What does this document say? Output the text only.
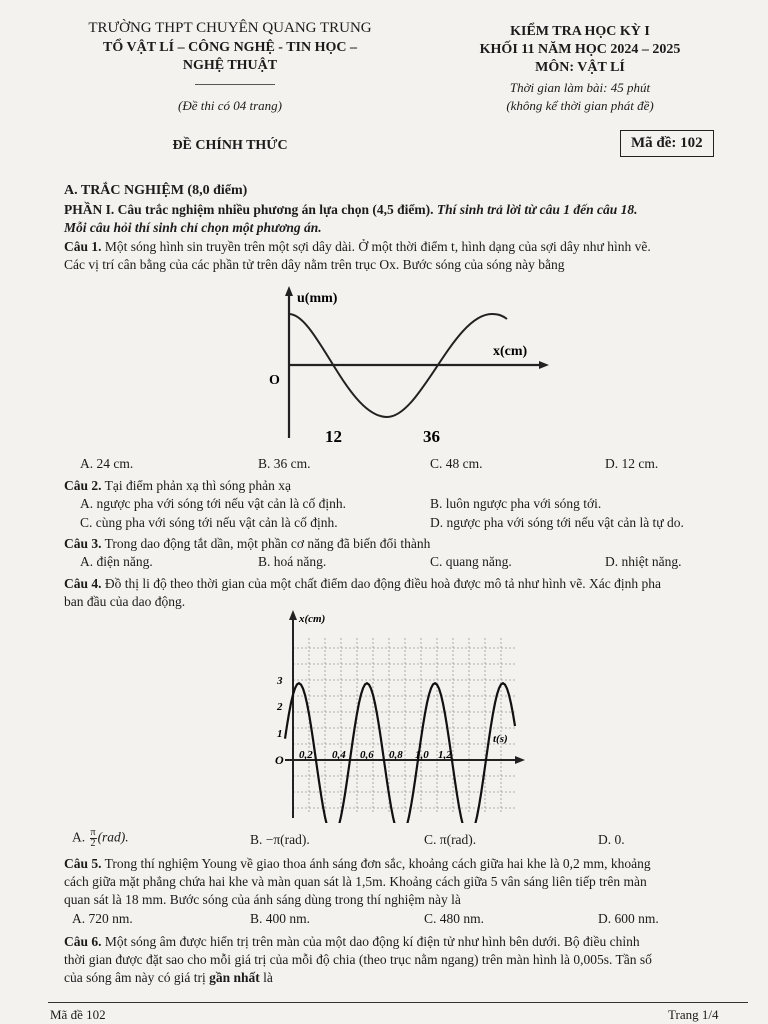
TRƯỜNG THPT CHUYÊN QUANG TRUNG
TỔ VẬT LÍ – CÔNG NGHỆ - TIN HỌC –
NGHỆ THUẬT
(Đề thi có 04 trang)
ĐỀ CHÍNH THỨC
KIỂM TRA HỌC KỲ I
KHỐI 11 NĂM HỌC 2024 – 2025
MÔN: VẬT LÍ
Thời gian làm bài: 45 phút
(không kể thời gian phát đề)
Mã đề: 102
A. TRẮC NGHIỆM (8,0 điểm)
PHẦN I. Câu trắc nghiệm nhiều phương án lựa chọn (4,5 điểm). Thí sinh trả lời từ câu 1 đến câu 18.
Mỗi câu hỏi thí sinh chỉ chọn một phương án.
Câu 1. Một sóng hình sin truyền trên một sợi dây dài. Ở một thời điểm t, hình dạng của sợi dây như hình vẽ.
Các vị trí cân bằng của các phần tử trên dây nằm trên trục Ox. Bước sóng của sóng này bằng
u(mm)
x(cm)
O
12	36
A. 24 cm.	B. 36 cm.	C. 48 cm.	D. 12 cm.
Câu 2. Tại điểm phản xạ thì sóng phản xạ
A. ngược pha với sóng tới nếu vật cản là cố định.	B. luôn ngược pha với sóng tới.
C. cùng pha với sóng tới nếu vật cản là cố định.	D. ngược pha với sóng tới nếu vật cản là tự do.
Câu 3. Trong dao động tắt dần, một phần cơ năng đã biến đổi thành
A. điện năng.	B. hoá năng.	C. quang năng.	D. nhiệt năng.
Câu 4. Đồ thị li độ theo thời gian của một chất điểm dao động điều hoà được mô tả như hình vẽ. Xác định pha
ban đầu của dao động.
x(cm)
t(s)
O
1
2
3
0,2 0,4 0,6 0,8 1,0 1,2
A. $\frac{\pi}{2} (rad)$.	B. −π(rad).	C. π(rad).	D. 0.
Câu 5. Trong thí nghiệm Young về giao thoa ánh sáng đơn sắc, khoảng cách giữa hai khe là 0,2 mm, khoảng
cách giữa mặt phẳng chứa hai khe và màn quan sát là 1,5m. Khoảng cách giữa 5 vân sáng liên tiếp trên màn
quan sát là 18 mm. Bước sóng của ánh sáng dùng trong thí nghiệm này là
A. 720 nm.	B. 400 nm.	C. 480 nm.	D. 600 nm.
Câu 6. Một sóng âm được hiển trị trên màn của một dao động kí điện tử như hình bên dưới. Bộ điều chỉnh
thời gian được đặt sao cho mỗi giá trị của mỗi độ chia (theo trục nằm ngang) trên màn hình là 0,005s. Tần số
của sóng âm này có giá trị gần nhất là
Mã đề 102	Trang 1/4
